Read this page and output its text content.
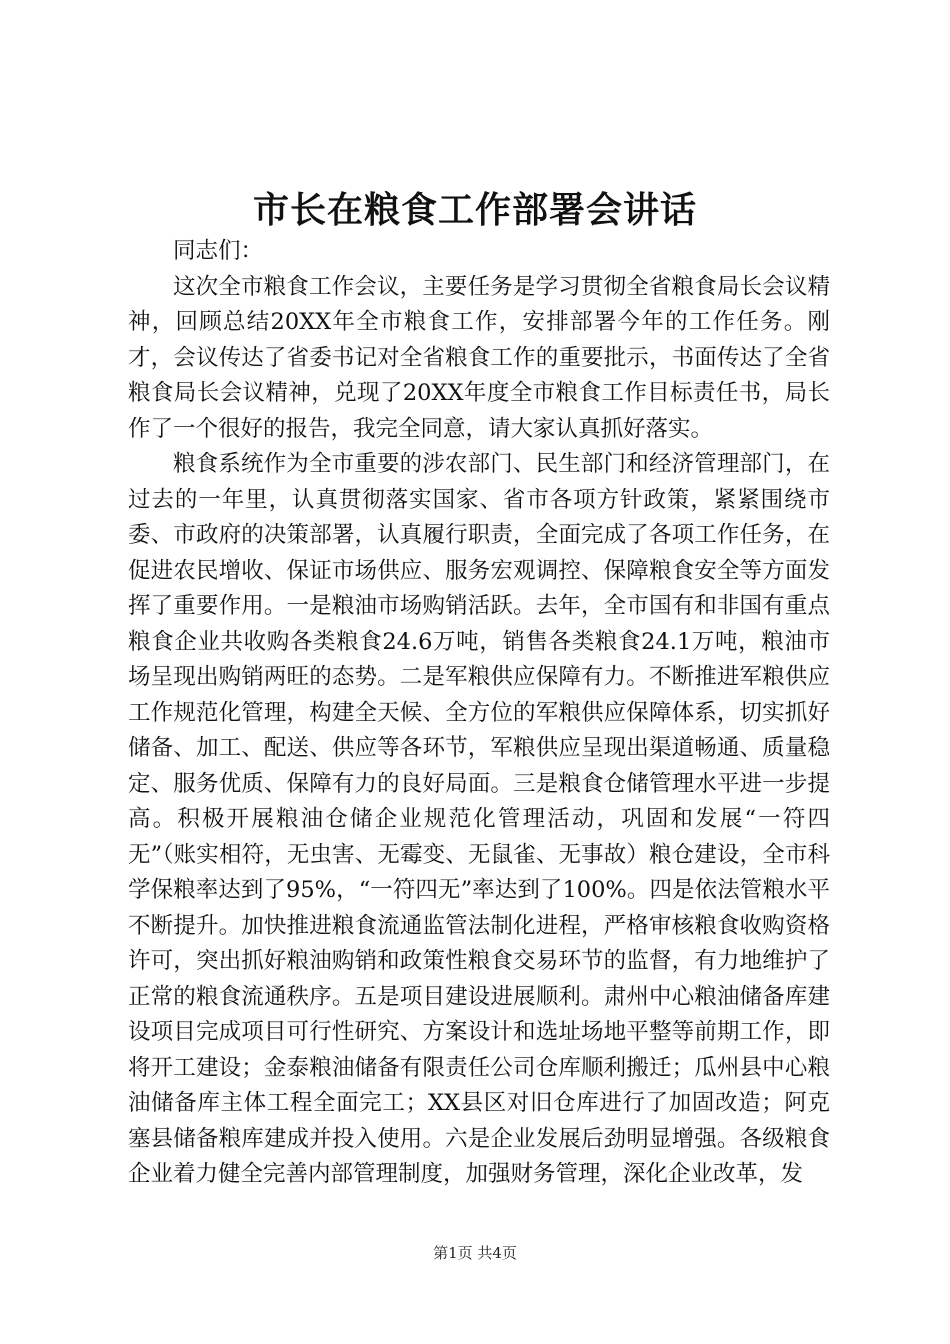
市长在粮食工作部署会讲话

同志们：

这次全市粮食工作会议，主要任务是学习贯彻全省粮食局长会议精神，回顾总结20XX年全市粮食工作，安排部署今年的工作任务。刚才，会议传达了省委书记对全省粮食工作的重要批示，书面传达了全省粮食局长会议精神，兑现了20XX年度全市粮食工作目标责任书，局长作了一个很好的报告，我完全同意，请大家认真抓好落实。

粮食系统作为全市重要的涉农部门、民生部门和经济管理部门，在过去的一年里，认真贯彻落实国家、省市各项方针政策，紧紧围绕市委、市政府的决策部署，认真履行职责，全面完成了各项工作任务，在促进农民增收、保证市场供应、服务宏观调控、保障粮食安全等方面发挥了重要作用。一是粮油市场购销活跃。去年，全市国有和非国有重点粮食企业共收购各类粮食24.6万吨，销售各类粮食24.1万吨，粮油市场呈现出购销两旺的态势。二是军粮供应保障有力。不断推进军粮供应工作规范化管理，构建全天候、全方位的军粮供应保障体系，切实抓好储备、加工、配送、供应等各环节，军粮供应呈现出渠道畅通、质量稳定、服务优质、保障有力的良好局面。三是粮食仓储管理水平进一步提高。积极开展粮油仓储企业规范化管理活动，巩固和发展“一符四无”（账实相符，无虫害、无霉变、无鼠雀、无事故）粮仓建设，全市科学保粮率达到了95%，“一符四无”率达到了100%。四是依法管粮水平不断提升。加快推进粮食流通监管法制化进程，严格审核粮食收购资格许可，突出抓好粮油购销和政策性粮食交易环节的监督，有力地维护了正常的粮食流通秩序。五是项目建设进展顺利。肃州中心粮油储备库建设项目完成项目可行性研究、方案设计和选址场地平整等前期工作，即将开工建设；金泰粮油储备有限责任公司仓库顺利搬迁；瓜州县中心粮油储备库主体工程全面完工；XX县区对旧仓库进行了加固改造；阿克塞县储备粮库建成并投入使用。六是企业发展后劲明显增强。各级粮食企业着力健全完善内部管理制度，加强财务管理，深化企业改革，发

第1页 共4页
